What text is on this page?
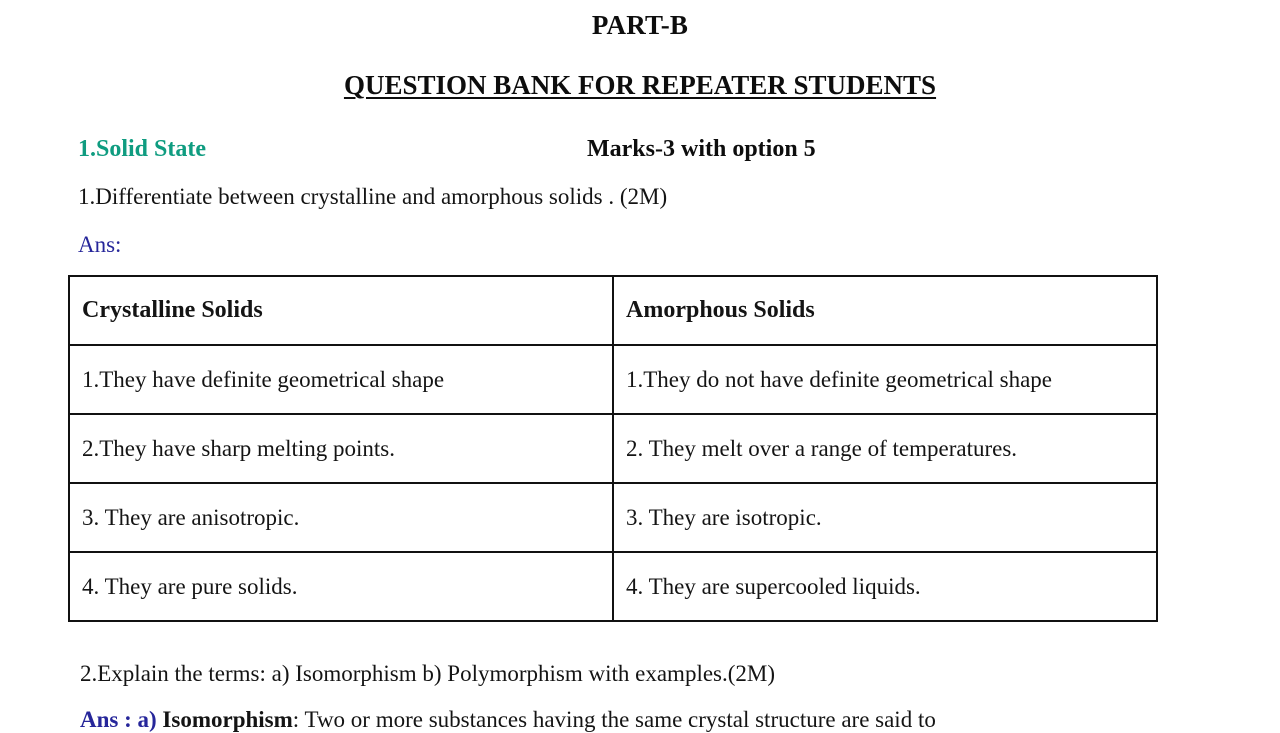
PART-B
QUESTION BANK FOR REPEATER STUDENTS
1.Solid State	Marks-3 with option 5
1.Differentiate between crystalline and amorphous solids . (2M)
Ans:
Crystalline Solids	Amorphous Solids
1.They have definite geometrical shape	1.They do not have definite geometrical shape
2.They have sharp melting points.	2. They melt over a range of temperatures.
3. They are anisotropic.	3. They are isotropic.
4. They are pure solids.	4. They are supercooled liquids.
2.Explain the terms: a) Isomorphism b) Polymorphism with examples.(2M)
Ans : a) Isomorphism: Two or more substances having the same crystal structure are said to
